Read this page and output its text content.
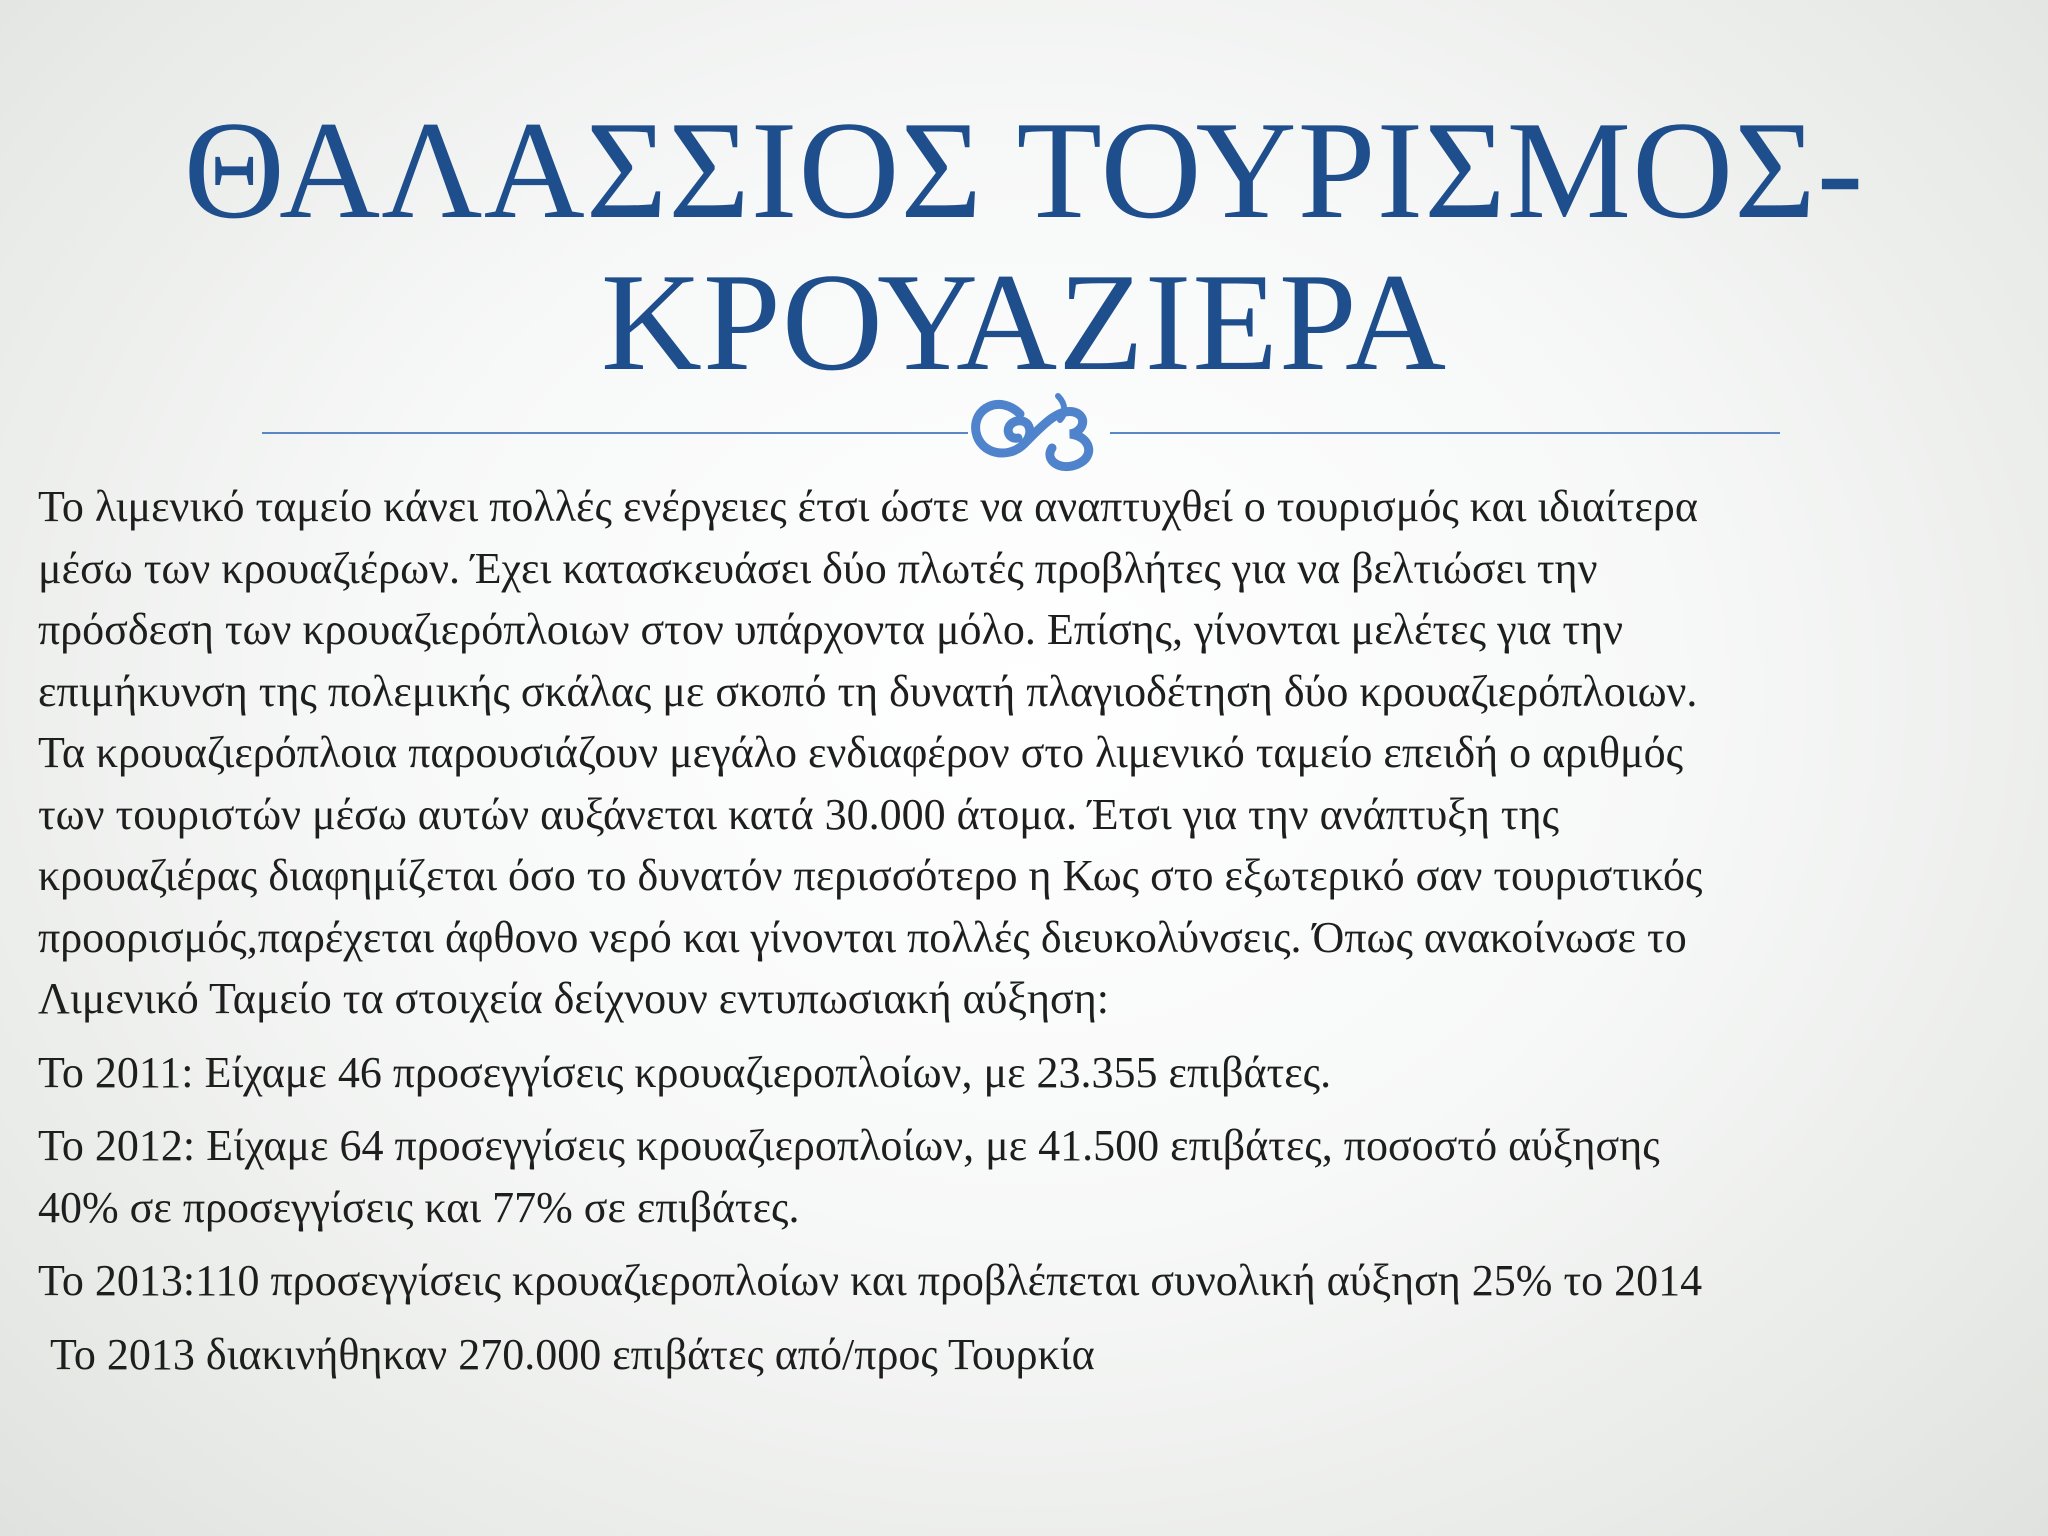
ΘΑΛΑΣΣΙΟΣ ΤΟΥΡΙΣΜΟΣ-
ΚΡΟΥΑΖΙΕΡΑ

Το λιμενικό ταμείο κάνει πολλές ενέργειες έτσι ώστε να αναπτυχθεί ο τουρισμός και ιδιαίτερα
μέσω των κρουαζιέρων. Έχει κατασκευάσει δύο πλωτές προβλήτες για να βελτιώσει την
πρόσδεση των κρουαζιερόπλοιων στον υπάρχοντα μόλο. Επίσης, γίνονται μελέτες για την
επιμήκυνση της πολεμικής σκάλας με σκοπό τη δυνατή πλαγιοδέτηση δύο κρουαζιερόπλοιων.
Τα κρουαζιερόπλοια παρουσιάζουν μεγάλο ενδιαφέρον στο λιμενικό ταμείο επειδή ο αριθμός
των τουριστών μέσω αυτών αυξάνεται κατά 30.000 άτομα. Έτσι για την ανάπτυξη της
κρουαζιέρας διαφημίζεται όσο το δυνατόν περισσότερο η Κως στο εξωτερικό σαν τουριστικός
προορισμός,παρέχεται άφθονο νερό και γίνονται πολλές διευκολύνσεις. Όπως ανακοίνωσε το
Λιμενικό Ταμείο τα στοιχεία δείχνουν εντυπωσιακή αύξηση:

Το 2011: Είχαμε 46 προσεγγίσεις κρουαζιεροπλοίων, με 23.355 επιβάτες.

Το 2012: Είχαμε 64 προσεγγίσεις κρουαζιεροπλοίων, με 41.500 επιβάτες, ποσοστό αύξησης
40% σε προσεγγίσεις και 77% σε επιβάτες.

Το 2013:110 προσεγγίσεις κρουαζιεροπλοίων και προβλέπεται συνολική αύξηση 25% το 2014

Το 2013 διακινήθηκαν 270.000 επιβάτες από/προς Τουρκία
